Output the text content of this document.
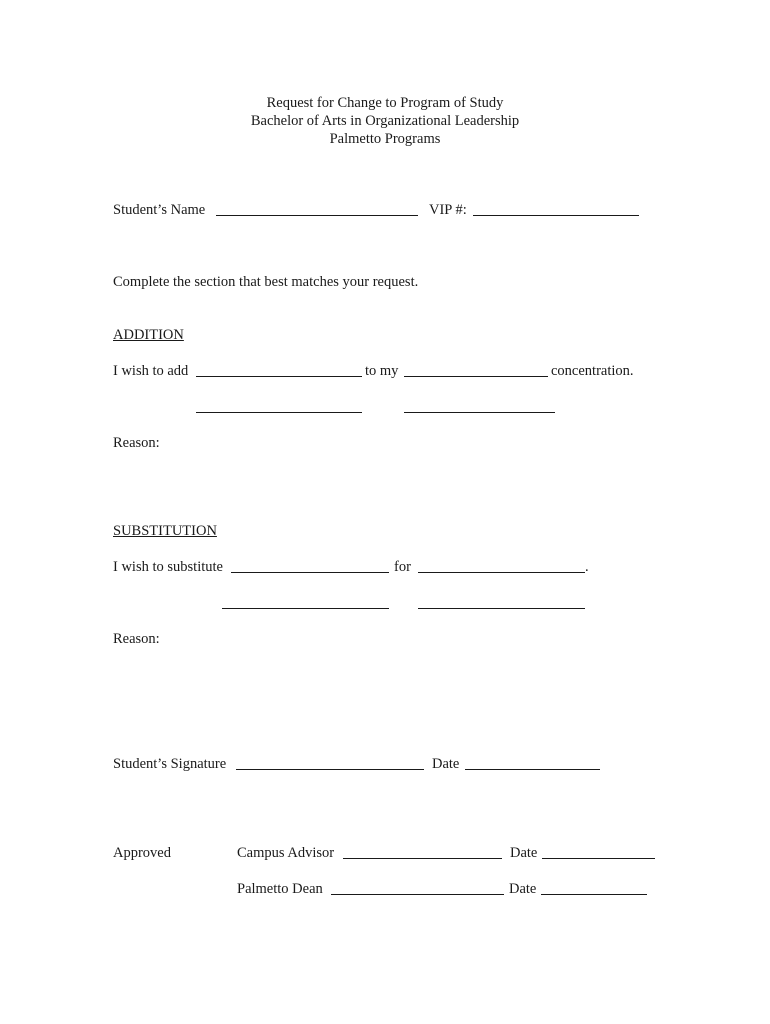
Request for Change to Program of Study
Bachelor of Arts in Organizational Leadership
Palmetto Programs
Student’s Name	VIP #:
Complete the section that best matches your request.
ADDITION
I wish to add	to my	concentration.
Reason:
SUBSTITUTION
I wish to substitute	for	.
Reason:
Student’s Signature	Date
Approved	Campus Advisor	Date
Palmetto Dean	Date
